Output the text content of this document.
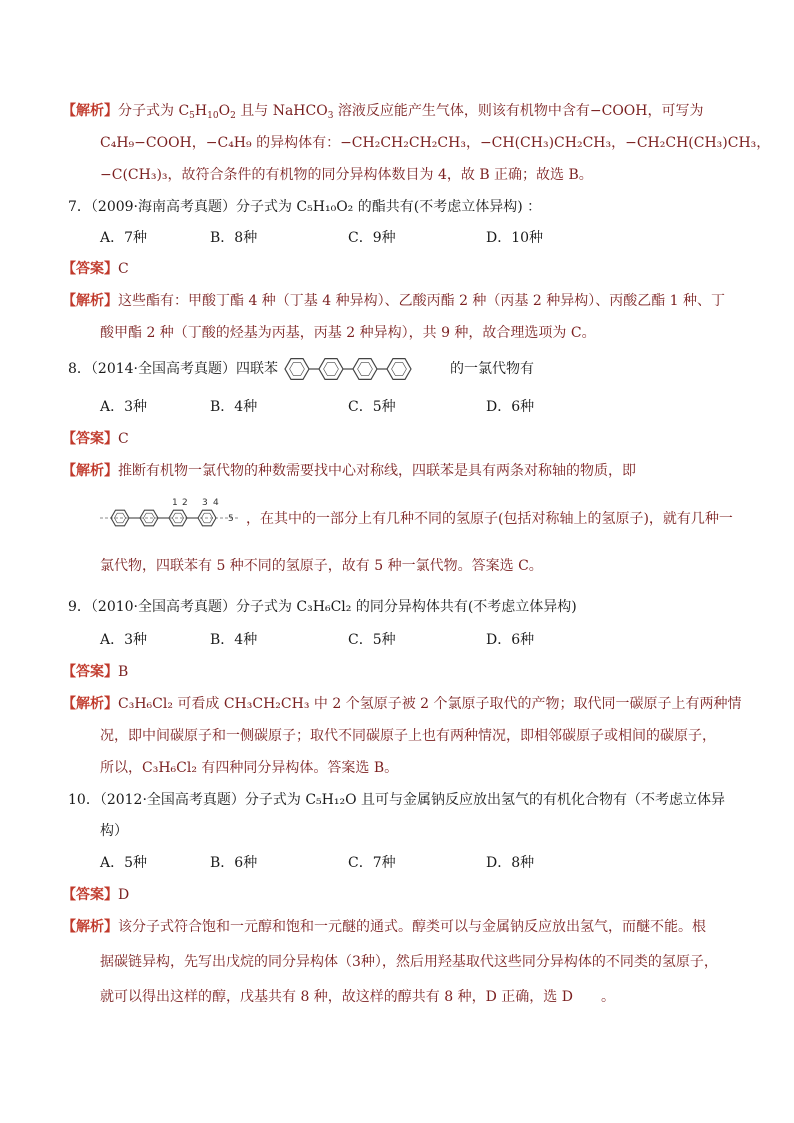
【解析】分子式为 $C_5H_{10}O_2$ 且与 NaHCO$_3$ 溶液反应能产生气体，则该有机物中含有−COOH，可写为
C₄H₉−COOH，−C₄H₉ 的异构体有：−CH₂CH₂CH₂CH₃，−CH(CH₃)CH₂CH₃，−CH₂CH(CH₃)CH₃，
−C(CH₃)₃，故符合条件的有机物的同分异构体数目为 4，故 B 正确；故选 B。
7．（2009·海南高考真题）分子式为 C₅H₁₀O₂ 的酯共有(不考虑立体异构) ：
A．7种	B．8种	C．9种	D．10种
【答案】C
【解析】这些酯有：甲酸丁酯 4 种（丁基 4 种异构）、乙酸丙酯 2 种（丙基 2 种异构）、丙酸乙酯 1 种、丁
酸甲酯 2 种（丁酸的烃基为丙基，丙基 2 种异构），共 9 种，故合理选项为 C。
8．（2014·全国高考真题）四联苯	的一氯代物有
A．3种	B．4种	C．5种	D．6种
【答案】C
【解析】推断有机物一氯代物的种数需要找中心对称线，四联苯是具有两条对称轴的物质，即
1 2 3 4
5 ，在其中的一部分上有几种不同的氢原子(包括对称轴上的氢原子)，就有几种一
氯代物，四联苯有 5 种不同的氢原子，故有 5 种一氯代物。答案选 C。
9．（2010·全国高考真题）分子式为 C₃H₆Cl₂ 的同分异构体共有(不考虑立体异构)
A．3种	B．4种	C．5种	D．6种
【答案】B
【解析】C₃H₆Cl₂ 可看成 CH₃CH₂CH₃ 中 2 个氢原子被 2 个氯原子取代的产物；取代同一碳原子上有两种情
况，即中间碳原子和一侧碳原子；取代不同碳原子上也有两种情况，即相邻碳原子或相间的碳原子，
所以，C₃H₆Cl₂ 有四种同分异构体。答案选 B。
10．（2012·全国高考真题）分子式为 C₅H₁₂O 且可与金属钠反应放出氢气的有机化合物有（不考虑立体异
构）
A．5种	B．6种	C．7种	D．8种
【答案】D
【解析】该分子式符合饱和一元醇和饱和一元醚的通式。醇类可以与金属钠反应放出氢气，而醚不能。根
据碳链异构，先写出戊烷的同分异构体（3种），然后用羟基取代这些同分异构体的不同类的氢原子，
就可以得出这样的醇，戊基共有 8 种，故这样的醇共有 8 种，D 正确，选 D　　。
